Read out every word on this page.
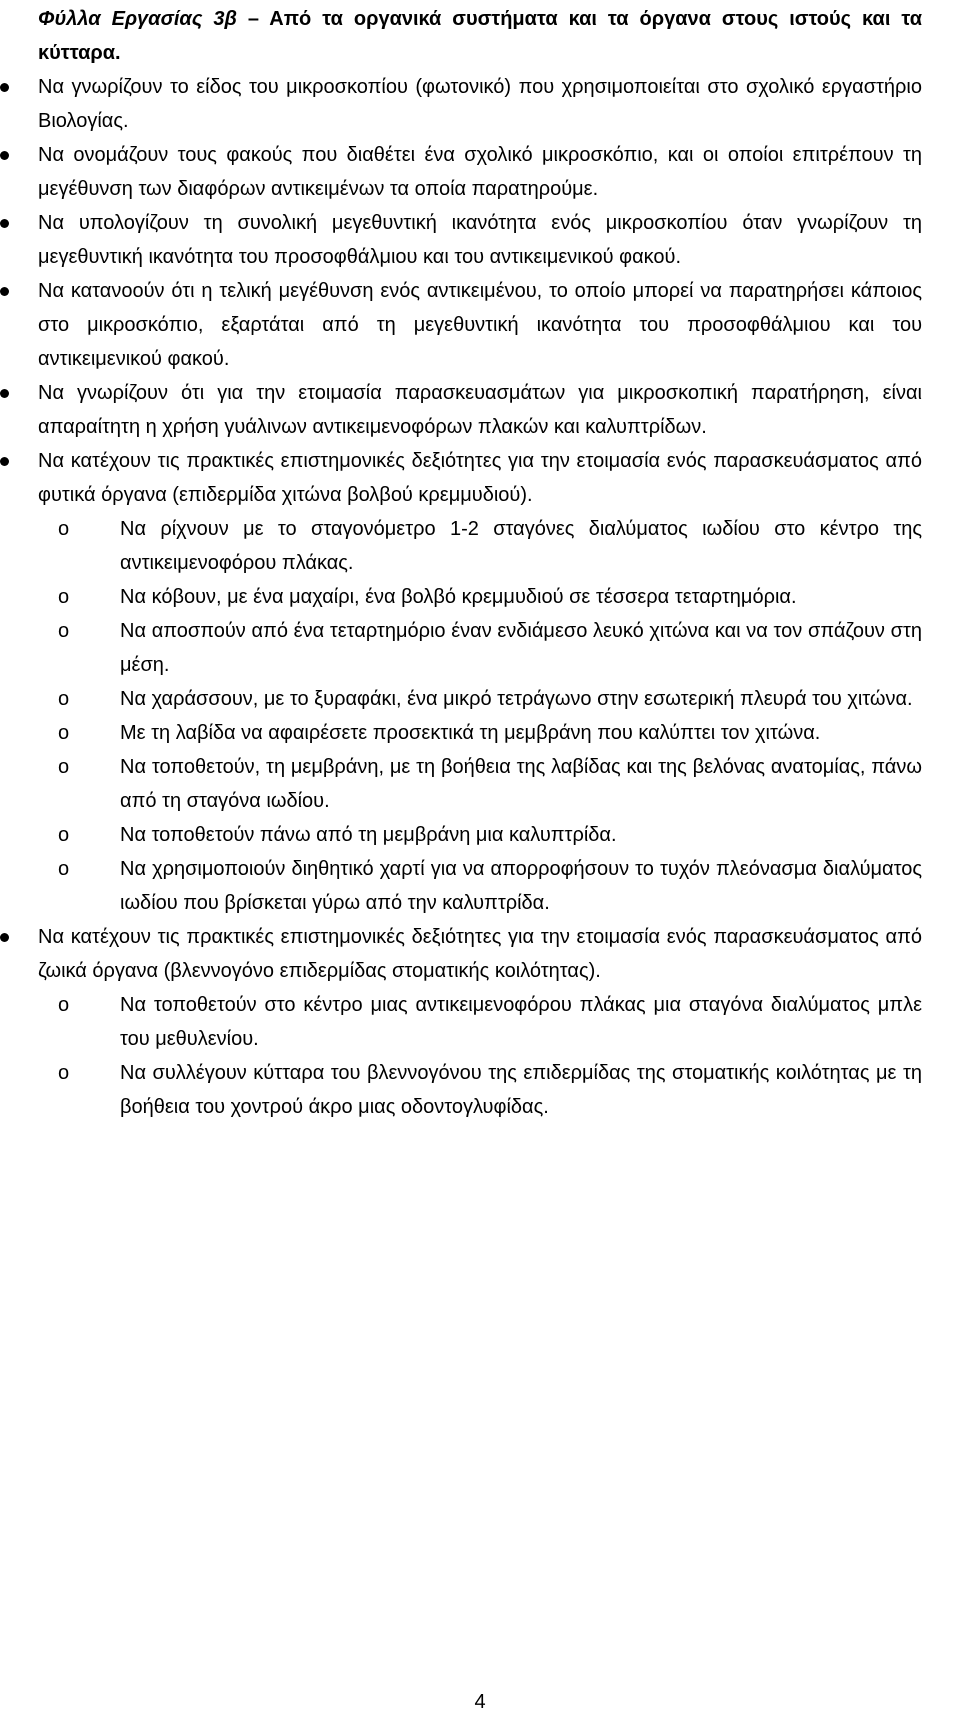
Φύλλα Εργασίας 3β – Από τα οργανικά συστήματα και τα όργανα στους ιστούς και τα κύτταρα.

Να γνωρίζουν το είδος του μικροσκοπίου (φωτονικό) που χρησιμοποιείται στο σχολικό εργαστήριο Βιολογίας.
Να ονομάζουν τους φακούς που διαθέτει ένα σχολικό μικροσκόπιο, και οι οποίοι επιτρέπουν τη μεγέθυνση των διαφόρων αντικειμένων τα οποία παρατηρούμε.
Να υπολογίζουν τη συνολική μεγεθυντική ικανότητα ενός μικροσκοπίου όταν γνωρίζουν τη μεγεθυντική ικανότητα του προσοφθάλμιου και του αντικειμενικού φακού.
Να κατανοούν ότι η τελική μεγέθυνση ενός αντικειμένου, το οποίο μπορεί να παρατηρήσει κάποιος στο μικροσκόπιο, εξαρτάται από τη μεγεθυντική ικανότητα του προσοφθάλμιου και του αντικειμενικού φακού.
Να γνωρίζουν ότι για την ετοιμασία παρασκευασμάτων για μικροσκοπική παρατήρηση, είναι απαραίτητη η χρήση γυάλινων αντικειμενοφόρων πλακών και καλυπτρίδων.
Να κατέχουν τις πρακτικές επιστημονικές δεξιότητες για την ετοιμασία ενός παρασκευάσματος από φυτικά όργανα (επιδερμίδα χιτώνα βολβού κρεμμυδιού).
o	Να ρίχνουν με το σταγονόμετρο 1-2 σταγόνες διαλύματος ιωδίου στο κέντρο της αντικειμενοφόρου πλάκας.
o	Να κόβουν, με ένα μαχαίρι, ένα βολβό κρεμμυδιού σε τέσσερα τεταρτημόρια.
o	Να αποσπούν από ένα τεταρτημόριο έναν ενδιάμεσο λευκό χιτώνα και να τον σπάζουν στη μέση.
o	Να χαράσσουν, με το ξυραφάκι, ένα μικρό τετράγωνο στην εσωτερική πλευρά του χιτώνα.
o	Με τη λαβίδα να αφαιρέσετε προσεκτικά τη μεμβράνη που καλύπτει τον χιτώνα.
o	Να τοποθετούν, τη μεμβράνη, με τη βοήθεια της λαβίδας και της βελόνας ανατομίας, πάνω από τη σταγόνα ιωδίου.
o	Να τοποθετούν πάνω από τη μεμβράνη μια καλυπτρίδα.
o	Να χρησιμοποιούν διηθητικό χαρτί για να απορροφήσουν το τυχόν πλεόνασμα διαλύματος ιωδίου που βρίσκεται γύρω από την καλυπτρίδα.
Να κατέχουν τις πρακτικές επιστημονικές δεξιότητες για την ετοιμασία ενός παρασκευάσματος από ζωικά όργανα (βλεννογόνο επιδερμίδας στοματικής κοιλότητας).
o	Να τοποθετούν στο κέντρο μιας αντικειμενοφόρου πλάκας μια σταγόνα διαλύματος μπλε του μεθυλενίου.
o	Να συλλέγουν κύτταρα του βλεννογόνου της επιδερμίδας της στοματικής κοιλότητας με τη βοήθεια του χοντρού άκρο μιας οδοντογλυφίδας.
4
